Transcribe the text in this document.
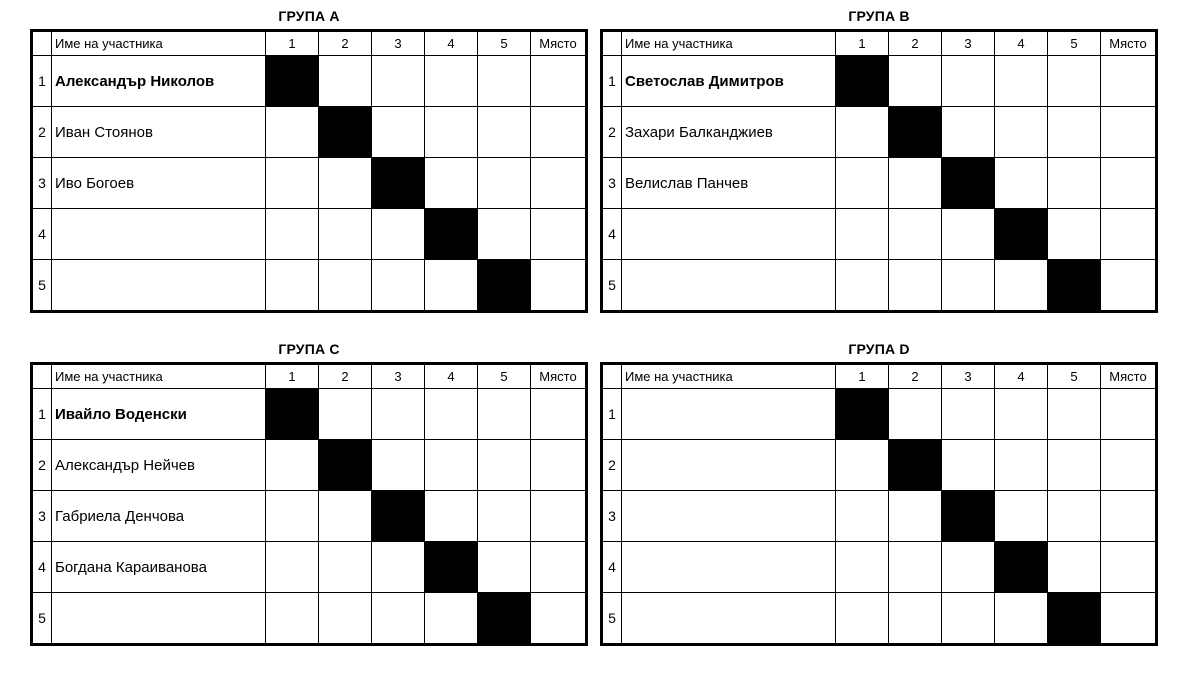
ГРУПА А
	Име на участника	1	2	3	4	5	Място
1	Александър Николов						
2	Иван Стоянов						
3	Иво Богоев						
4							
5							
ГРУПА В
	Име на участника	1	2	3	4	5	Място
1	Светослав Димитров						
2	Захари Балканджиев						
3	Велислав Панчев						
4							
5							
ГРУПА С
	Име на участника	1	2	3	4	5	Място
1	Ивайло Воденски						
2	Александър Нейчев						
3	Габриела Денчова						
4	Богдана Караиванова						
5							
ГРУПА D
	Име на участника	1	2	3	4	5	Място
1							
2							
3							
4							
5							
